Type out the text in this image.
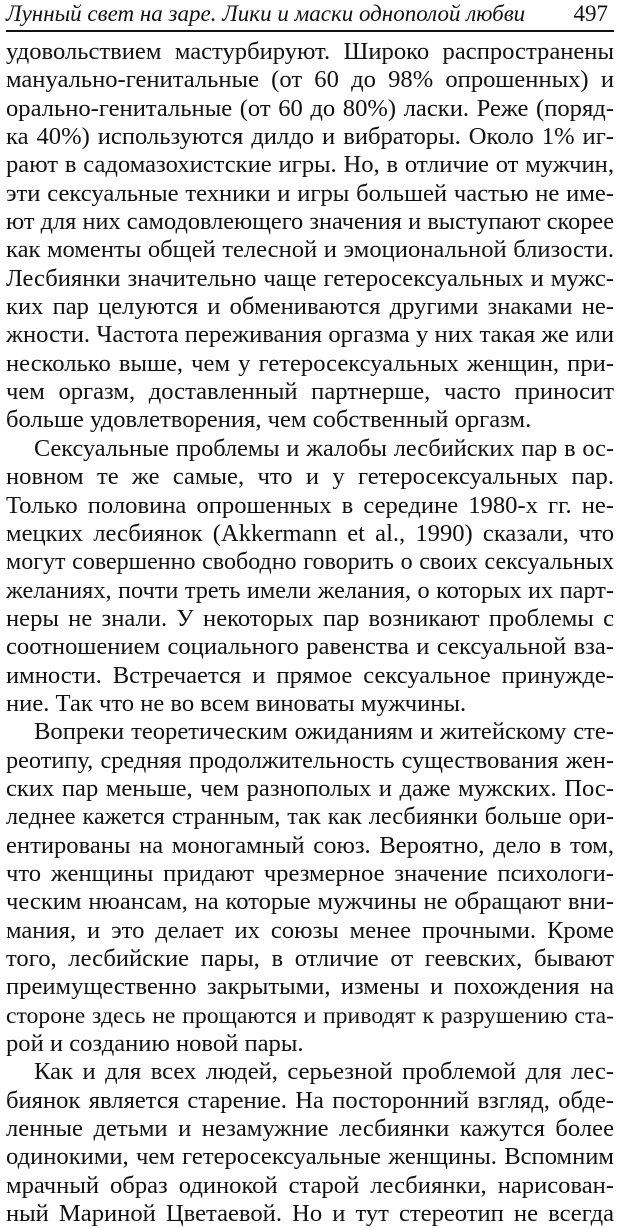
Лунный свет на заре. Лики и маски однополой любви 497
удовольствием мастурбируют. Широко распространены
мануально-генитальные (от 60 до 98% опрошенных) и
орально-генитальные (от 60 до 80%) ласки. Реже (поряд-
ка 40%) используются дилдо и вибраторы. Около 1% иг-
рают в садомазохистские игры. Но, в отличие от мужчин,
эти сексуальные техники и игры большей частью не име-
ют для них самодовлеющего значения и выступают скорее
как моменты общей телесной и эмоциональной близости.
Лесбиянки значительно чаще гетеросексуальных и мужс-
ких пар целуются и обмениваются другими знаками не-
жности. Частота переживания оргазма у них такая же или
несколько выше, чем у гетеросексуальных женщин, при-
чем оргазм, доставленный партнерше, часто приносит
больше удовлетворения, чем собственный оргазм.
Сексуальные проблемы и жалобы лесбийских пар в ос-
новном те же самые, что и у гетеросексуальных пар.
Только половина опрошенных в середине 1980-х гг. не-
мецких лесбиянок (Akkermann et al., 1990) сказали, что
могут совершенно свободно говорить о своих сексуальных
желаниях, почти треть имели желания, о которых их парт-
неры не знали. У некоторых пар возникают проблемы с
соотношением социального равенства и сексуальной вза-
имности. Встречается и прямое сексуальное принужде-
ние. Так что не во всем виноваты мужчины.
Вопреки теоретическим ожиданиям и житейскому сте-
реотипу, средняя продолжительность существования жен-
ских пар меньше, чем разнополых и даже мужских. Пос-
леднее кажется странным, так как лесбиянки больше ори-
ентированы на моногамный союз. Вероятно, дело в том,
что женщины придают чрезмерное значение психологи-
ческим нюансам, на которые мужчины не обращают вни-
мания, и это делает их союзы менее прочными. Кроме
того, лесбийские пары, в отличие от геевских, бывают
преимущественно закрытыми, измены и похождения на
стороне здесь не прощаются и приводят к разрушению ста-
рой и созданию новой пары.
Как и для всех людей, серьезной проблемой для лес-
биянок является старение. На посторонний взгляд, обде-
ленные детьми и незамужние лесбиянки кажутся более
одинокими, чем гетеросексуальные женщины. Вспомним
мрачный образ одинокой старой лесбиянки, нарисован-
ный Мариной Цветаевой. Но и тут стереотип не всегда
